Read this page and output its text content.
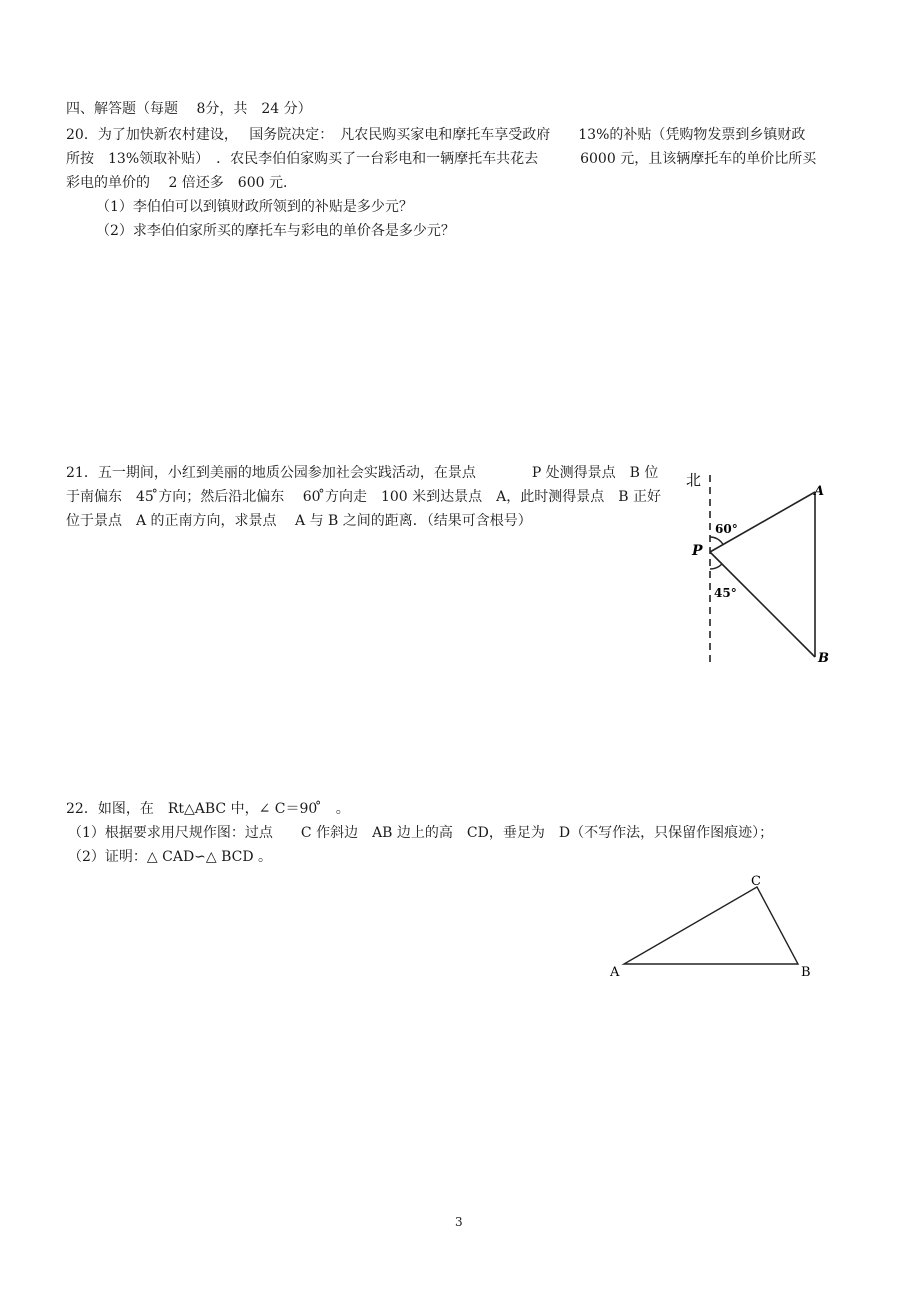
四、解答题（每题　 8分，共　24 分）
20．为了加快新农村建设，　 国务院决定：　凡农民购买家电和摩托车享受政府　　13%的补贴（凭购物发票到乡镇财政
所按　13%领取补贴）　．农民李伯伯家购买了一台彩电和一辆摩托车共花去　　　6000 元，且该辆摩托车的单价比所买
彩电的单价的　 2 倍还多　600 元．
（1）李伯伯可以到镇财政所领到的补贴是多少元？
（2）求李伯伯家所买的摩托车与彩电的单价各是多少元？
21．五一期间，小红到美丽的地质公园参加社会实践活动，在景点　　　　P 处测得景点　B 位
于南偏东　45 ̊方向；然后沿北偏东　 60 ̊方向走　100 米到达景点　A，此时测得景点　B 正好
位于景点　A 的正南方向，求景点　 A 与 B 之间的距离．（结果可含根号）
北
60°
45°
P
A
B
22．如图，在　Rt△ABC 中，∠ C＝90 ̊　。
（1）根据要求用尺规作图：过点　　C 作斜边　AB 边上的高　CD，垂足为　D（不写作法，只保留作图痕迹）；
（2）证明：△ CAD∽△ BCD 。
A	B
C
3
